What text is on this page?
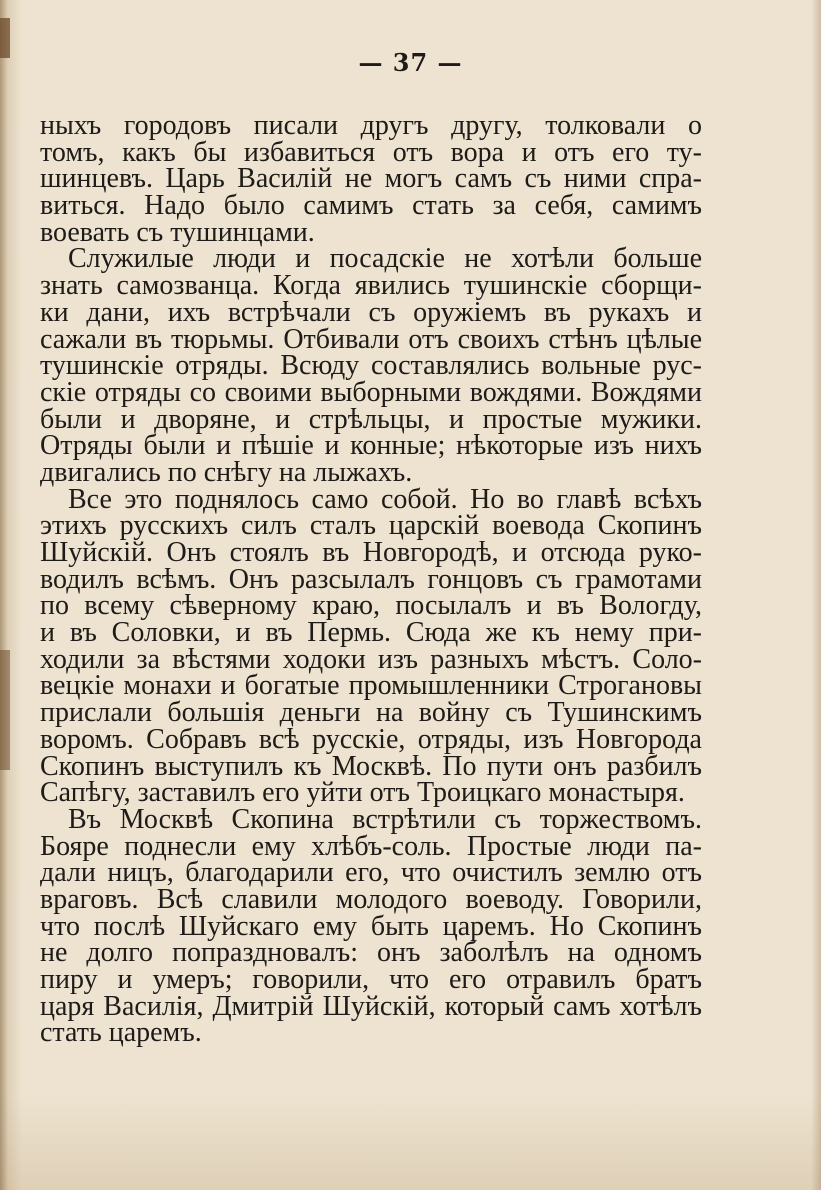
— 37 —
ныхъ городовъ писали другъ другу, толковали о
томъ, какъ бы избавиться отъ вора и отъ его ту-
шинцевъ. Царь Василiй не могъ самъ съ ними спра-
виться. Надо было самимъ стать за себя, самимъ
воевать съ тушинцами.
Служилые люди и посадскiе не хотѣли больше
знать самозванца. Когда явились тушинскiе сборщи-
ки дани, ихъ встрѣчали съ оружiемъ въ рукахъ и
сажали въ тюрьмы. Отбивали отъ своихъ стѣнъ цѣлые
тушинскiе отряды. Всюду составлялись вольные рус-
скiе отряды со своими выборными вождями. Вождями
были и дворяне, и стрѣльцы, и простые мужики.
Отряды были и пѣшiе и конные; нѣкоторые изъ нихъ
двигались по снѣгу на лыжахъ.
Все это поднялось само собой. Но во главѣ всѣхъ
этихъ русскихъ силъ сталъ царскiй воевода Скопинъ
Шуйскiй. Онъ стоялъ въ Новгородѣ, и отсюда руко-
водилъ всѣмъ. Онъ разсылалъ гонцовъ съ грамотами
по всему сѣверному краю, посылалъ и въ Вологду,
и въ Соловки, и въ Пермь. Сюда же къ нему при-
ходили за вѣстями ходоки изъ разныхъ мѣстъ. Соло-
вецкiе монахи и богатые промышленники Строгановы
прислали большiя деньги на войну съ Тушинскимъ
воромъ. Собравъ всѣ русскiе, отряды, изъ Новгорода
Скопинъ выступилъ къ Москвѣ. По пути онъ разбилъ
Сапѣгу, заставилъ его уйти отъ Троицкаго монастыря.
Въ Москвѣ Скопина встрѣтили съ торжествомъ.
Бояре поднесли ему хлѣбъ-соль. Простые люди па-
дали ницъ, благодарили его, что очистилъ землю отъ
враговъ. Всѣ славили молодого воеводу. Говорили,
что послѣ Шуйскаго ему быть царемъ. Но Скопинъ
не долго попраздновалъ: онъ заболѣлъ на одномъ
пиру и умеръ; говорили, что его отравилъ братъ
царя Василiя, Дмитрiй Шуйскiй, который самъ хотѣлъ
стать царемъ.
